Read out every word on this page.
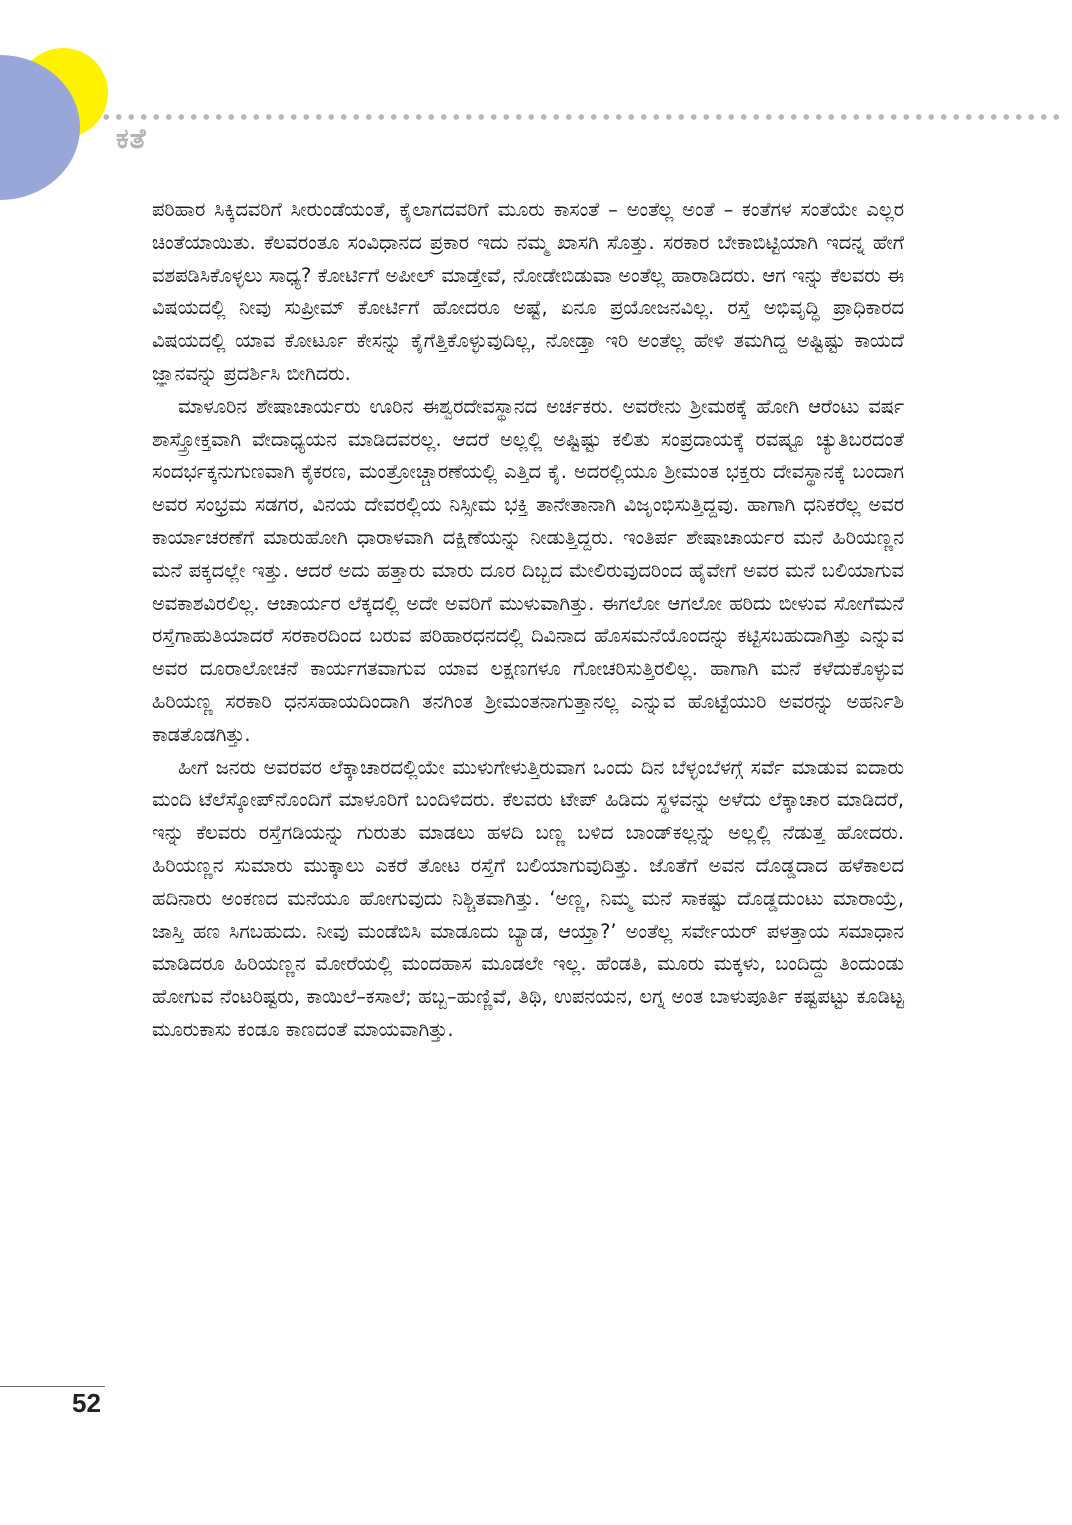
ಕತೆ

ಪರಿಹಾರ ಸಿಕ್ಕಿದವರಿಗೆ ಸೀರುಂಡೆಯಂತೆ, ಕೈಲಾಗದವರಿಗೆ ಮೂರು ಕಾಸಂತೆ – ಅಂತೆಲ್ಲ ಅಂತೆ – ಕಂತೆಗಳ ಸಂತೆಯೇ ಎಲ್ಲರ ಚಿಂತೆಯಾಯಿತು. ಕೆಲವರಂತೂ ಸಂವಿಧಾನದ ಪ್ರಕಾರ ಇದು ನಮ್ಮ ಖಾಸಗಿ ಸೊತ್ತು. ಸರಕಾರ ಬೇಕಾಬಿಟ್ಟಿಯಾಗಿ ಇದನ್ನ ಹೇಗೆ ವಶಪಡಿಸಿಕೊಳ್ಳಲು ಸಾಧ್ಯ? ಕೋರ್ಟಿಗೆ ಅಪೀಲ್ ಮಾಡ್ತೇವೆ, ನೋಡೇಬಿಡುವಾ ಅಂತೆಲ್ಲ ಹಾರಾಡಿದರು. ಆಗ ಇನ್ನು ಕೆಲವರು ಈ ವಿಷಯದಲ್ಲಿ ನೀವು ಸುಪ್ರೀಮ್ ಕೋರ್ಟಿಗೆ ಹೋದರೂ ಅಷ್ಟೆ, ಏನೂ ಪ್ರಯೋಜನವಿಲ್ಲ. ರಸ್ತೆ ಅಭಿವೃದ್ಧಿ ಪ್ರಾಧಿಕಾರದ ವಿಷಯದಲ್ಲಿ ಯಾವ ಕೋರ್ಟೂ ಕೇಸನ್ನು ಕೈಗೆತ್ತಿಕೊಳ್ಳುವುದಿಲ್ಲ, ನೋಡ್ತಾ ಇರಿ ಅಂತೆಲ್ಲ ಹೇಳಿ ತಮಗಿದ್ದ ಅಷ್ಟಿಷ್ಟು ಕಾಯದೆ ಜ್ಞಾನವನ್ನು ಪ್ರದರ್ಶಿಸಿ ಬೀಗಿದರು.

ಮಾಳೂರಿನ ಶೇಷಾಚಾರ್ಯರು ಊರಿನ ಈಶ್ವರದೇವಸ್ಥಾನದ ಅರ್ಚಕರು. ಅವರೇನು ಶ್ರೀಮಠಕ್ಕೆ ಹೋಗಿ ಆರೆಂಟು ವರ್ಷ ಶಾಸ್ತ್ರೋಕ್ತವಾಗಿ ವೇದಾಧ್ಯಯನ ಮಾಡಿದವರಲ್ಲ. ಆದರೆ ಅಲ್ಲಲ್ಲಿ ಅಷ್ಟಿಷ್ಟು ಕಲಿತು ಸಂಪ್ರದಾಯಕ್ಕೆ ರವಷ್ಟೂ ಚ್ಯುತಿಬರದಂತೆ ಸಂದರ್ಭಕ್ಕನುಗುಣವಾಗಿ ಕೈಕರಣ, ಮಂತ್ರೋಚ್ಚಾರಣೆಯಲ್ಲಿ ಎತ್ತಿದ ಕೈ. ಅದರಲ್ಲಿಯೂ ಶ್ರೀಮಂತ ಭಕ್ತರು ದೇವಸ್ಥಾನಕ್ಕೆ ಬಂದಾಗ ಅವರ ಸಂಭ್ರಮ ಸಡಗರ, ವಿನಯ ದೇವರಲ್ಲಿಯ ನಿಸ್ಸೀಮ ಭಕ್ತಿ ತಾನೇತಾನಾಗಿ ವಿಜೃಂಭಿಸುತ್ತಿದ್ದವು. ಹಾಗಾಗಿ ಧನಿಕರೆಲ್ಲ ಅವರ ಕಾರ್ಯಾಚರಣೆಗೆ ಮಾರುಹೋಗಿ ಧಾರಾಳವಾಗಿ ದಕ್ಷಿಣೆಯನ್ನು ನೀಡುತ್ತಿದ್ದರು. ಇಂತಿರ್ಪ ಶೇಷಾಚಾರ್ಯರ ಮನೆ ಹಿರಿಯಣ್ಣನ ಮನೆ ಪಕ್ಕದಲ್ಲೇ ಇತ್ತು. ಆದರೆ ಅದು ಹತ್ತಾರು ಮಾರು ದೂರ ದಿಬ್ಬದ ಮೇಲಿರುವುದರಿಂದ ಹೈವೇಗೆ ಅವರ ಮನೆ ಬಲಿಯಾಗುವ ಅವಕಾಶವಿರಲಿಲ್ಲ. ಆಚಾರ್ಯರ ಲೆಕ್ಕದಲ್ಲಿ ಅದೇ ಅವರಿಗೆ ಮುಳುವಾಗಿತ್ತು. ಈಗಲೋ ಆಗಲೋ ಹರಿದು ಬೀಳುವ ಸೋಗೆಮನೆ ರಸ್ತೆಗಾಹುತಿಯಾದರೆ ಸರಕಾರದಿಂದ ಬರುವ ಪರಿಹಾರಧನದಲ್ಲಿ ದಿವಿನಾದ ಹೊಸಮನೆಯೊಂದನ್ನು ಕಟ್ಟಿಸಬಹುದಾಗಿತ್ತು ಎನ್ನುವ ಅವರ ದೂರಾಲೋಚನೆ ಕಾರ್ಯಗತವಾಗುವ ಯಾವ ಲಕ್ಷಣಗಳೂ ಗೋಚರಿಸುತ್ತಿರಲಿಲ್ಲ. ಹಾಗಾಗಿ ಮನೆ ಕಳೆದುಕೊಳ್ಳುವ ಹಿರಿಯಣ್ಣ ಸರಕಾರಿ ಧನಸಹಾಯದಿಂದಾಗಿ ತನಗಿಂತ ಶ್ರೀಮಂತನಾಗುತ್ತಾನಲ್ಲ ಎನ್ನುವ ಹೊಟ್ಟೆಯುರಿ ಅವರನ್ನು ಅಹರ್ನಿಶಿ ಕಾಡತೊಡಗಿತ್ತು.

ಹೀಗೆ ಜನರು ಅವರವರ ಲೆಕ್ಕಾಚಾರದಲ್ಲಿಯೇ ಮುಳುಗೇಳುತ್ತಿರುವಾಗ ಒಂದು ದಿನ ಬೆಳ್ಳಂಬೆಳಗ್ಗೆ ಸರ್ವೆ ಮಾಡುವ ಐದಾರು ಮಂದಿ ಟೆಲೆಸ್ಕೋಪ್‌ನೊಂದಿಗೆ ಮಾಳೂರಿಗೆ ಬಂದಿಳಿದರು. ಕೆಲವರು ಟೇಪ್ ಹಿಡಿದು ಸ್ಥಳವನ್ನು ಅಳೆದು ಲೆಕ್ಕಾಚಾರ ಮಾಡಿದರೆ, ಇನ್ನು ಕೆಲವರು ರಸ್ತೆಗಡಿಯನ್ನು ಗುರುತು ಮಾಡಲು ಹಳದಿ ಬಣ್ಣ ಬಳಿದ ಬಾಂಡ್‌ಕಲ್ಲನ್ನು ಅಲ್ಲಲ್ಲಿ ನೆಡುತ್ತ ಹೋದರು. ಹಿರಿಯಣ್ಣನ ಸುಮಾರು ಮುಕ್ಕಾಲು ಎಕರೆ ತೋಟ ರಸ್ತೆಗೆ ಬಲಿಯಾಗುವುದಿತ್ತು. ಜೊತೆಗೆ ಅವನ ದೊಡ್ಡದಾದ ಹಳೆಕಾಲದ ಹದಿನಾರು ಅಂಕಣದ ಮನೆಯೂ ಹೋಗುವುದು ನಿಶ್ಚಿತವಾಗಿತ್ತು. ‘ಅಣ್ಣ, ನಿಮ್ಮ ಮನೆ ಸಾಕಷ್ಟು ದೊಡ್ಡದುಂಟು ಮಾರಾಯ್ರೆ, ಜಾಸ್ತಿ ಹಣ ಸಿಗಬಹುದು. ನೀವು ಮಂಡೆಬಿಸಿ ಮಾಡೂದು ಬ್ಯಾಡ, ಆಯ್ತಾ?’ ಅಂತೆಲ್ಲ ಸರ್ವೇಯರ್ ಪಳತ್ತಾಯ ಸಮಾಧಾನ ಮಾಡಿದರೂ ಹಿರಿಯಣ್ಣನ ಮೋರೆಯಲ್ಲಿ ಮಂದಹಾಸ ಮೂಡಲೇ ಇಲ್ಲ. ಹೆಂಡತಿ, ಮೂರು ಮಕ್ಕಳು, ಬಂದಿದ್ದು ತಿಂದುಂಡು ಹೋಗುವ ನೆಂಟರಿಷ್ಟರು, ಕಾಯಿಲೆ–ಕಸಾಲೆ; ಹಬ್ಬ–ಹುಣ್ಣಿವೆ, ತಿಥಿ, ಉಪನಯನ, ಲಗ್ನ ಅಂತ ಬಾಳುಪೂರ್ತಿ ಕಷ್ಟಪಟ್ಟು ಕೂಡಿಟ್ಟ ಮೂರುಕಾಸು ಕಂಡೂ ಕಾಣದಂತೆ ಮಾಯವಾಗಿತ್ತು.

52
